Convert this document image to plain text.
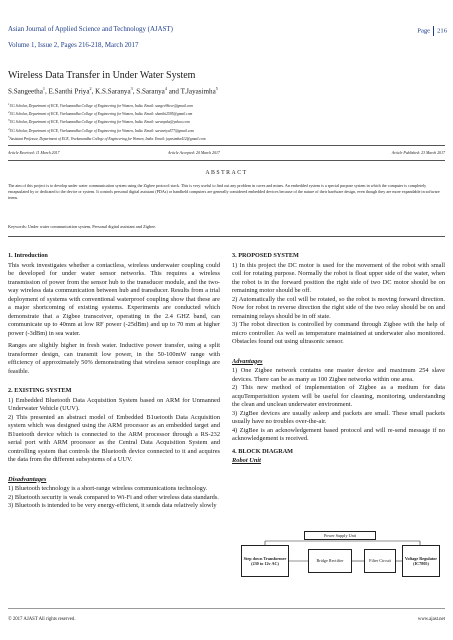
Asian Journal of Applied Science and Technology (AJAST)
Volume 1, Issue 2, Pages 216-218, March 2017
Page 216
Wireless Data Transfer in Under Water System
S.Sangeetha$^1$, E.Santhi Priya$^2$, K.S.Saranya$^3$, S.Saranya$^4$ and T.Jayasimha$^5$
$^1$UG Scholar, Department of ECE, Vivekanandha College of Engineering for Women, India. Email: sangee9hece@gmail.com
$^2$UG Scholar, Department of ECE, Vivekanandha College of Engineering for Women, India. Email: shanthi2595@gmail.com
$^3$UG Scholar, Department of ECE, Vivekanandha College of Engineering for Women, India. Email: saranyaks@yahoo.com
$^4$UG Scholar, Department of ECE, Vivekanandha College of Engineering for Women, India. Email: saranriya577@gmail.com
$^5$Assistant Professor, Department of ECE, Vivekanandha College of Engineering for Women, India. Email: jayasimha412@gmail.com
Article Received: 11 March 2017	Article Accepted: 20 March 2017	Article Published: 23 March 2017
ABSTRACT
The aim of this project is to develop under water communication system using the Zigbee protocol stack. This is very useful to find out any problem in caves and mines. An embedded system is a special purpose system in which the computer is completely encapsulated by or dedicated to the device or system. It controls personal digital assistant (PDAs) or handheld computers are generally considered embedded devices because of the nature of their hardware design, even though they are more expandable in software terms.
Keywords: Under water communication system, Personal digital assistant and Zigbee.
1. Introduction

This work investigates whether a contactless, wireless underwater coupling could be developed for under water sensor networks. This requires a wireless transmission of power from the sensor hub to the transducer module, and the two-way wireless data communication between hub and transducer. Results from a trial deployment of systems with conventional waterproof coupling show that these are a major shortcoming of existing systems. Experiments are conducted which demonstrate that a Zigbee transceiver, operating in the 2.4 GHZ band, can communicate up to 40mm at low RF power (-25dBm) and up to 70 mm at higher power (-3dBm) in sea water.

Ranges are slightly higher in fresh water. Inductive power transfer, using a split transformer design, can transmit low power, in the 50-100mW range with efficiency of approximately 50% demonstrating that wireless sensor couplings are feasible.

2. EXISTING SYSTEM

1) Embedded Bluetooth Data Acquisition System based on ARM for Unmanned Underwater Vehicle (UUV).

2) This presented an abstract model of Embedded B1uetooth Data Acquisition system which was designed using the ARM processor as an embedded target and B1uetooth device which is connected to the ARM processor through a RS-232 serial port with ARM processor as the Central Data Acquisition System and controlling system that controls the Bluetooth device connected to it and acquires the data from the different subsystems of a UUV.

Disadvantages

1) Bluetooth technology is a short-range wireless communications technology.

2) Bluetooth security is weak compared to Wi-Fi and other wireless data standards.

3) Bluetooth is intended to be very energy-efficient, it sends data relatively slowly

3. PROPOSED SYSTEM

1) In this project the DC motor is used for the movement of the robot with small coil for rotating purpose. Normally the robot is float upper side of the water, when the robot is in the forward position the right side of two DC motor should be on remaining motor should be off.

2) Automatically the coil will be rotated, so the robot is moving forward direction. Now for robot in reverse direction the right side of the two relay should be on and remaining relays should be in off state.

3) The robot direction is controlled by command through Zigbee with the help of micro controller. As well as temperature maintained at underwater also monitored. Obstacles found out using ultrasonic sensor.

Advantages

1) One Zigbee network contains one master device and maximum 254 slave devices. There can be as many as 100 Zigbee networks within one area.

2) This new method of implementation of Zigbee as a medium for data acquTemperisition system will be useful for cleaning, monitoring, understanding the clean and unclean underwater environment.

3) ZigBee devices are usually asleep and packets are small. These small packets usually have no troubles over-the-air.

4) ZigBee is an acknowledgement based protocol and will re-send message if no acknowledgement is received.

4. BLOCK DIAGRAM
Robot Unit
Power Supply Unit
Step down Transformer (230 to 12v AC)
Bridge Rectifier	Filter Circuit
Voltage Regulator (IC7805)
© 2017 AJAST All rights reserved.	www.ajast.net
